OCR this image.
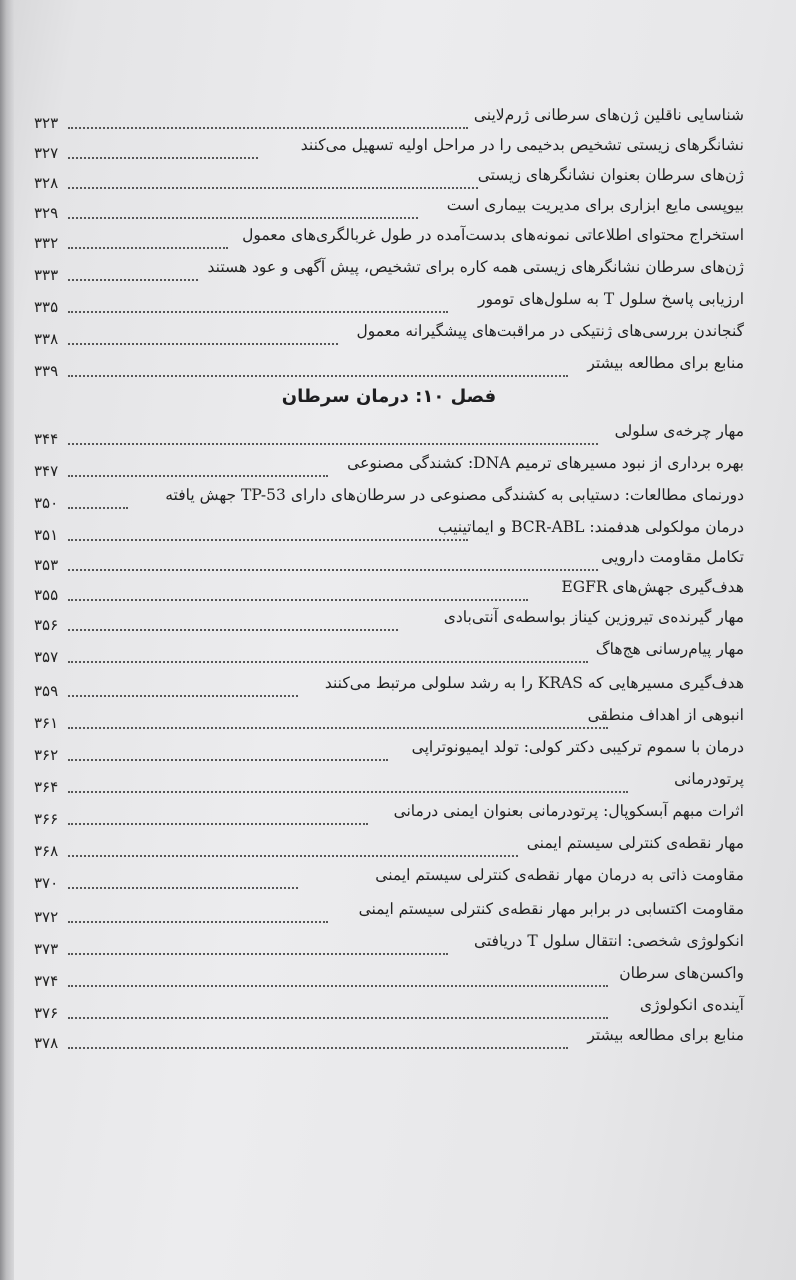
شناسایی ناقلین ژن‌های سرطانی ژرم‌لاینی
۳۲۳
نشانگرهای زیستی تشخیص بدخیمی را در مراحل اولیه تسهیل می‌کنند
۳۲۷
ژن‌های سرطان بعنوان نشانگرهای زیستی
۳۲۸
بیوپسی مایع ابزاری برای مدیریت بیماری است
۳۲۹
استخراج محتوای اطلاعاتی نمونه‌های بدست‌آمده در طول غربالگری‌های معمول
۳۳۲
ژن‌های سرطان نشانگرهای زیستی همه کاره برای تشخیص، پیش آگهی و عود هستند
۳۳۳
ارزیابی پاسخ سلول T به سلول‌های تومور
۳۳۵
گنجاندن بررسی‌های ژنتیکی در مراقبت‌های پیشگیرانه معمول
۳۳۸
منابع برای مطالعه بیشتر
۳۳۹
فصل ۱۰: درمان سرطان
مهار چرخه‌ی سلولی
۳۴۴
بهره برداری از نبود مسیرهای ترمیم DNA: کشندگی مصنوعی
۳۴۷
دورنمای مطالعات: دستیابی به کشندگی مصنوعی در سرطان‌های دارای TP-53 جهش یافته
۳۵۰
درمان مولکولی هدفمند: BCR-ABL و ایماتینیب
۳۵۱
تکامل مقاومت دارویی
۳۵۳
هدف‌گیری جهش‌های EGFR
۳۵۵
مهار گیرنده‌ی تیروزین کیناز بواسطه‌ی آنتی‌بادی
۳۵۶
مهار پیام‌رسانی هج‌هاگ
۳۵۷
هدف‌گیری مسیرهایی که KRAS را به رشد سلولی مرتبط می‌کنند
۳۵۹
انبوهی از اهداف منطقی
۳۶۱
درمان با سموم ترکیبی دکتر کولی: تولد ایمیونوتراپی
۳۶۲
پرتودرمانی
۳۶۴
اثرات مبهم آبسکوپال: پرتودرمانی بعنوان ایمنی درمانی
۳۶۶
مهار نقطه‌ی کنترلی سیستم ایمنی
۳۶۸
مقاومت ذاتی به درمان مهار نقطه‌ی کنترلی سیستم ایمنی
۳۷۰
مقاومت اکتسابی در برابر مهار نقطه‌ی کنترلی سیستم ایمنی
۳۷۲
انکولوژی شخصی: انتقال سلول T دریافتی
۳۷۳
واکسن‌های سرطان
۳۷۴
آینده‌ی انکولوژی
۳۷۶
منابع برای مطالعه بیشتر
۳۷۸
